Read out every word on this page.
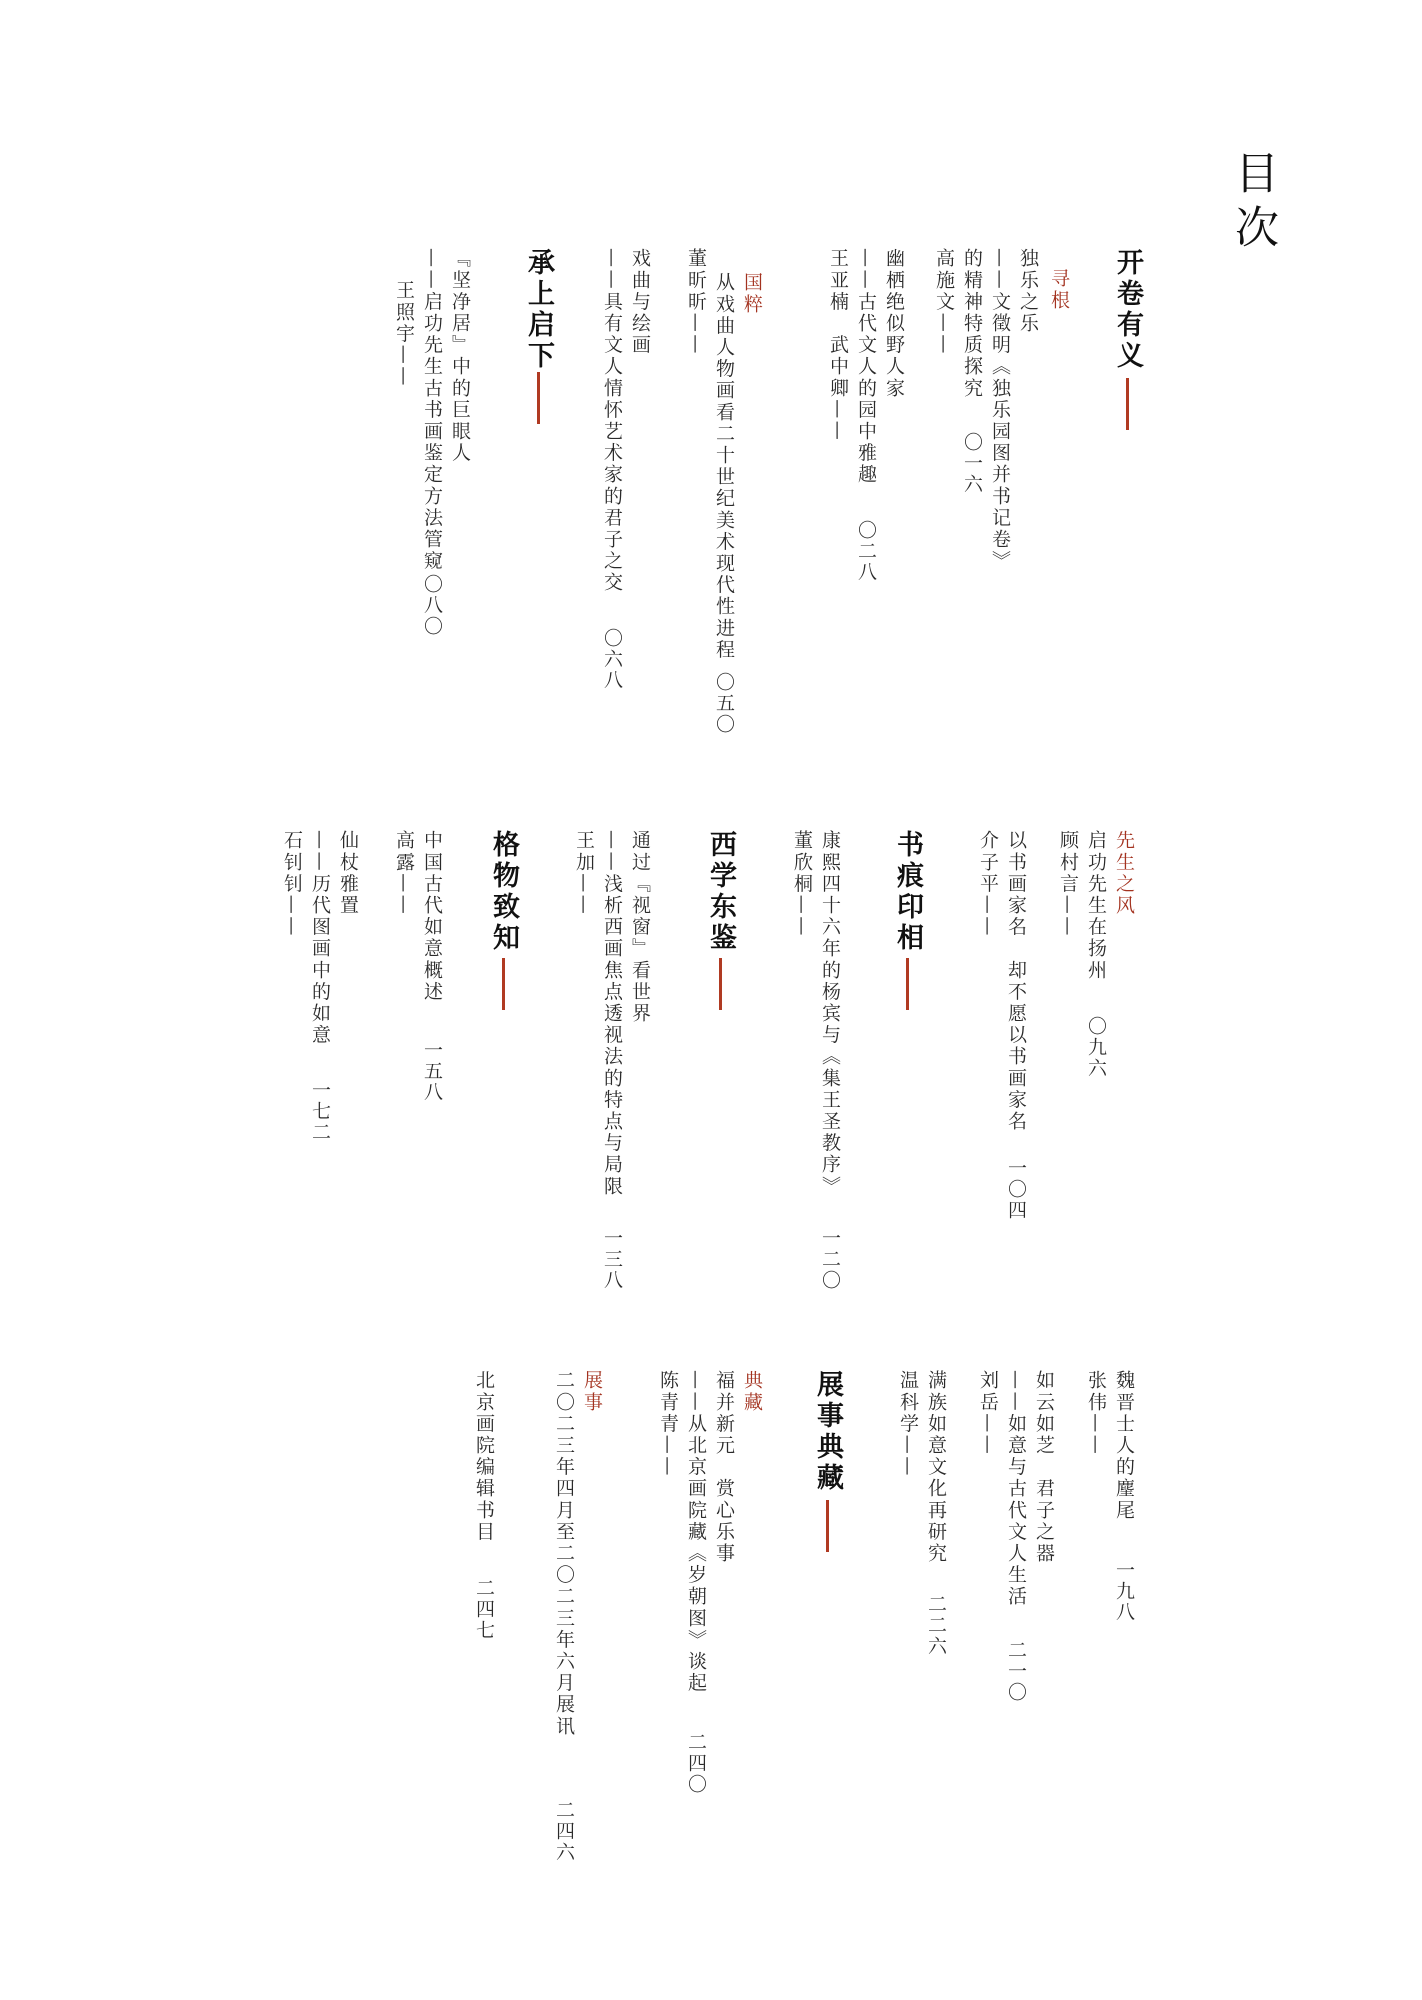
目次
开卷有义
寻根
独乐之乐
——文徵明《独乐园图并书记卷》
的精神特质探究
〇一六
高施文——
幽栖绝似野人家
——古代文人的园中雅趣
〇二八
王亚楠　武中卿——
国粹
从戏曲人物画看二十世纪美术现代性进程
〇五〇
董昕昕——
戏曲与绘画
——具有文人情怀艺术家的君子之交
〇六八
承上启下
『坚净居』中的巨眼人
——启功先生古书画鉴定方法管窥
〇八〇
王照宇——
先生之风
启功先生在扬州
〇九六
顾村言——
以书画家名　却不愿以书画家名
一〇四
介子平——
书痕印相
康熙四十六年的杨宾与《集王圣教序》
一二〇
董欣桐——
西学东鉴
通过『视窗』看世界
——浅析西画焦点透视法的特点与局限
一三八
王加——
格物致知
中国古代如意概述
一五八
高露——
仙杖雅置
——历代图画中的如意
一七二
石钊钊——
魏晋士人的麈尾
一九八
张伟——
如云如芝　君子之器
——如意与古代文人生活
二一〇
刘岳——
满族如意文化再研究
二二六
温科学——
展事典藏
典藏
福并新元　赏心乐事
——从北京画院藏《岁朝图》谈起
二四〇
陈青青——
展事
二〇二三年四月至二〇二三年六月展讯
二四六
北京画院编辑书目
二四七
